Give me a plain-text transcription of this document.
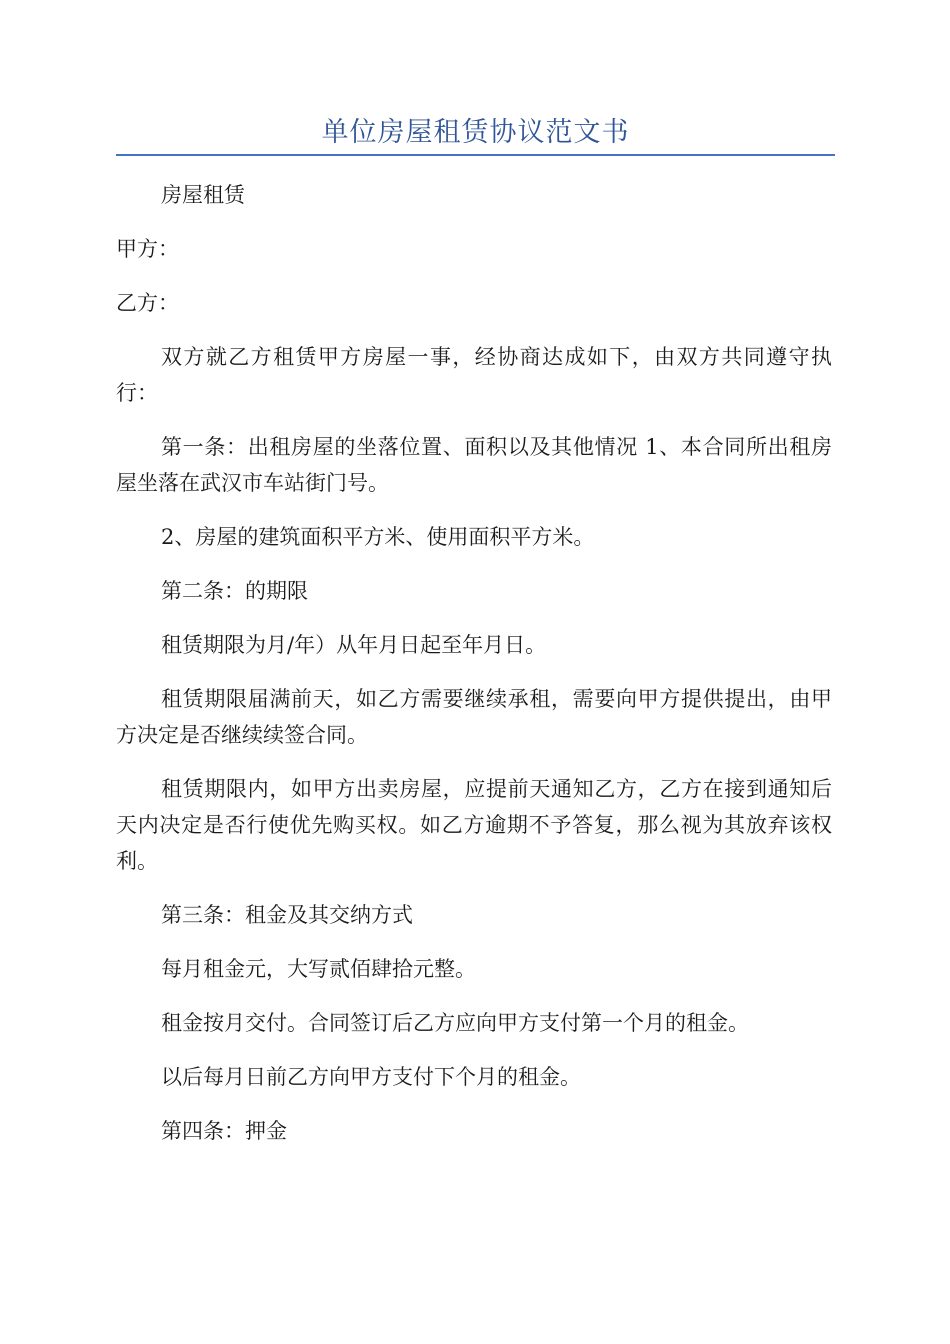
单位房屋租赁协议范文书

房屋租赁

甲方：

乙方：

双方就乙方租赁甲方房屋一事，经协商达成如下，由双方共同遵守执行：

第一条：出租房屋的坐落位置、面积以及其他情况 1、本合同所出租房屋坐落在武汉市车站街门号。

2、房屋的建筑面积平方米、使用面积平方米。

第二条：的期限

租赁期限为月/年）从年月日起至年月日。

租赁期限届满前天，如乙方需要继续承租，需要向甲方提供提出，由甲方决定是否继续续签合同。

租赁期限内，如甲方出卖房屋，应提前天通知乙方，乙方在接到通知后天内决定是否行使优先购买权。如乙方逾期不予答复，那么视为其放弃该权利。

第三条：租金及其交纳方式

每月租金元，大写贰佰肆拾元整。

租金按月交付。合同签订后乙方应向甲方支付第一个月的租金。

以后每月日前乙方向甲方支付下个月的租金。

第四条：押金
